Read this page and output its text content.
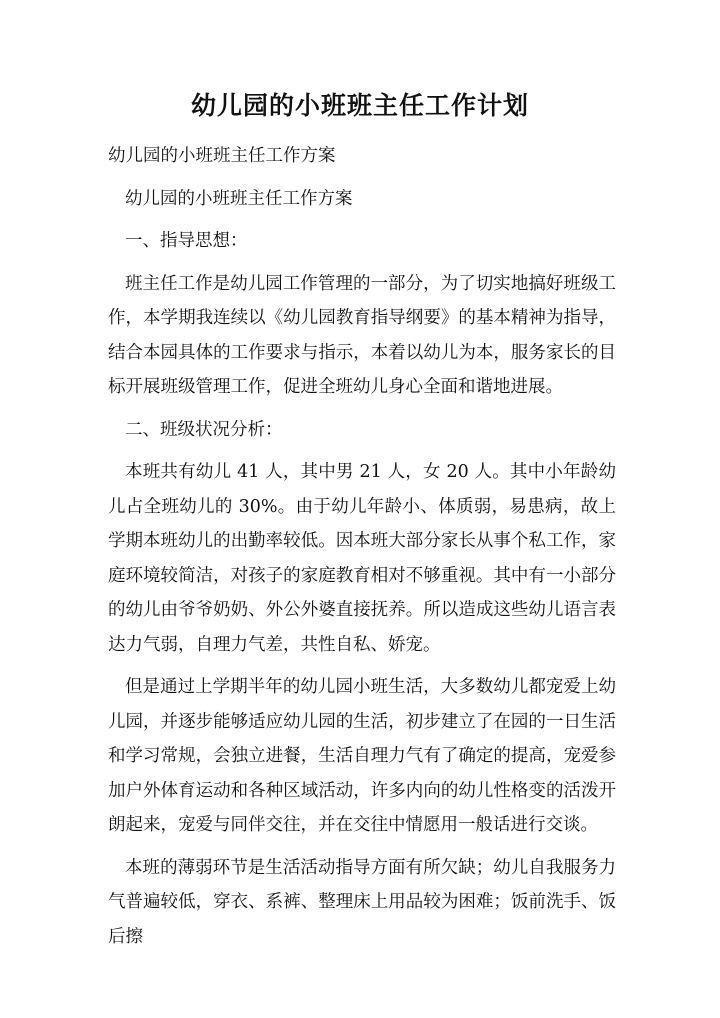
幼儿园的小班班主任工作计划

幼儿园的小班班主任工作方案

幼儿园的小班班主任工作方案

一、指导思想：

班主任工作是幼儿园工作管理的一部分，为了切实地搞好班级工作，本学期我连续以《幼儿园教育指导纲要》的基本精神为指导，结合本园具体的工作要求与指示，本着以幼儿为本，服务家长的目标开展班级管理工作，促进全班幼儿身心全面和谐地进展。

二、班级状况分析：

本班共有幼儿 41 人，其中男 21 人，女 20 人。其中小年龄幼儿占全班幼儿的 30%。由于幼儿年龄小、体质弱，易患病，故上学期本班幼儿的出勤率较低。因本班大部分家长从事个私工作，家庭环境较简洁，对孩子的家庭教育相对不够重视。其中有一小部分的幼儿由爷爷奶奶、外公外婆直接抚养。所以造成这些幼儿语言表达力气弱，自理力气差，共性自私、娇宠。

但是通过上学期半年的幼儿园小班生活，大多数幼儿都宠爱上幼儿园，并逐步能够适应幼儿园的生活，初步建立了在园的一日生活和学习常规，会独立进餐，生活自理力气有了确定的提高，宠爱参加户外体育运动和各种区域活动，许多内向的幼儿性格变的活泼开朗起来，宠爱与同伴交往，并在交往中情愿用一般话进行交谈。

本班的薄弱环节是生活活动指导方面有所欠缺；幼儿自我服务力气普遍较低，穿衣、系裤、整理床上用品较为困难；饭前洗手、饭后擦
